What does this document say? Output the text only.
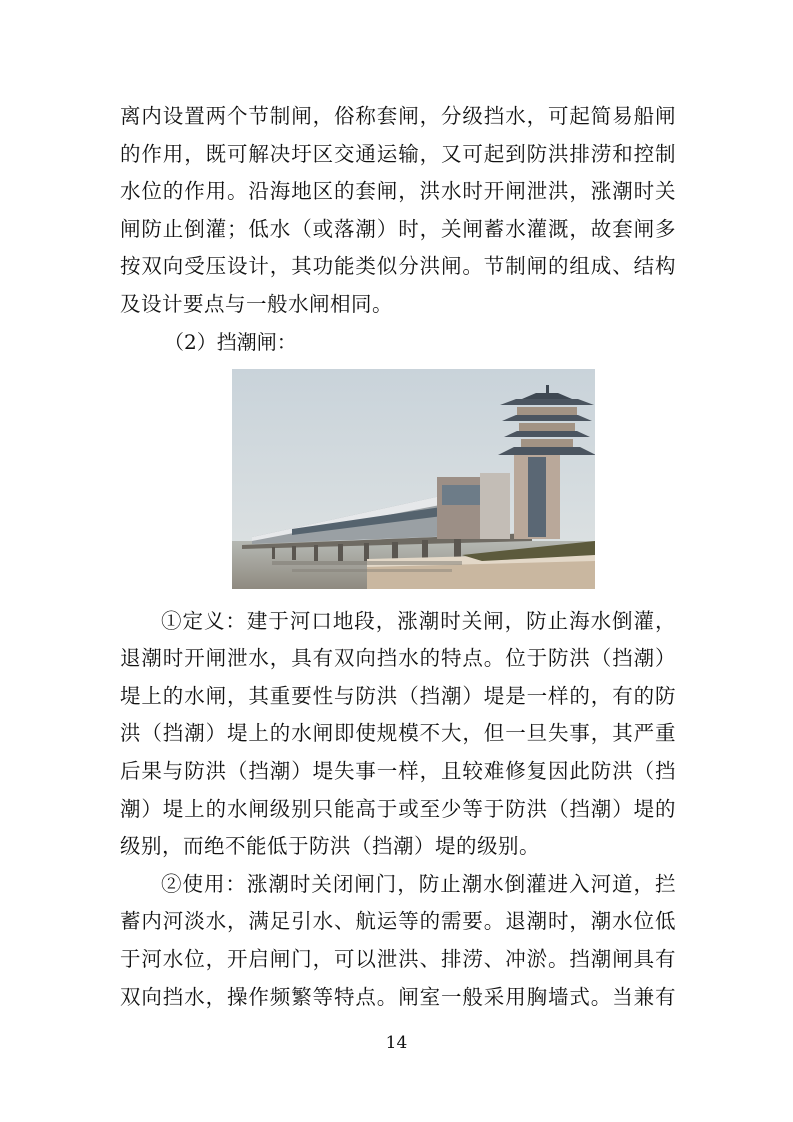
离内设置两个节制闸，俗称套闸，分级挡水，可起简易船闸
的作用，既可解决圩区交通运输，又可起到防洪排涝和控制
水位的作用。沿海地区的套闸，洪水时开闸泄洪，涨潮时关
闸防止倒灌；低水（或落潮）时，关闸蓄水灌溉，故套闸多
按双向受压设计，其功能类似分洪闸。节制闸的组成、结构
及设计要点与一般水闸相同。
（2）挡潮闸：
①定义：建于河口地段，涨潮时关闸，防止海水倒灌，
退潮时开闸泄水，具有双向挡水的特点。位于防洪（挡潮）
堤上的水闸，其重要性与防洪（挡潮）堤是一样的，有的防
洪（挡潮）堤上的水闸即使规模不大，但一旦失事，其严重
后果与防洪（挡潮）堤失事一样，且较难修复因此防洪（挡
潮）堤上的水闸级别只能高于或至少等于防洪（挡潮）堤的
级别，而绝不能低于防洪（挡潮）堤的级别。
②使用：涨潮时关闭闸门，防止潮水倒灌进入河道，拦
蓄内河淡水，满足引水、航运等的需要。退潮时，潮水位低
于河水位，开启闸门，可以泄洪、排涝、冲淤。挡潮闸具有
双向挡水，操作频繁等特点。闸室一般采用胸墙式。当兼有
14
